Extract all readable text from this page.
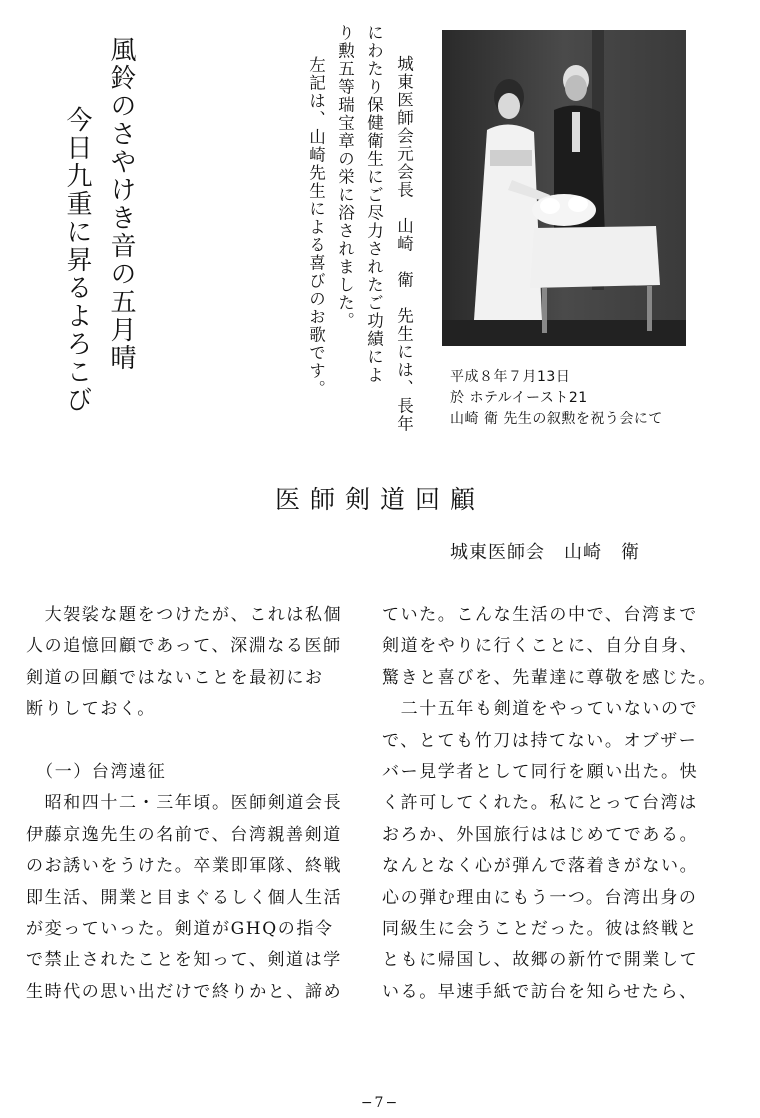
風鈴のさやけき音の五月晴
今日九重に昇るよろこび	城東医師会元会長　山崎　衛　先生には、長年
にわたり保健衛生にご尽力されたご功績によ
り勲五等瑞宝章の栄に浴されました。
左記は、山崎先生による喜びのお歌です。	平成８年７月13日
於 ホテルイースト21
山崎 衛 先生の叙勲を祝う会にて
医師剣道回顧
城東医師会　山崎　衛

　大袈裟な題をつけたが、これは私個

人の追憶回顧であって、深淵なる医師

剣道の回顧ではないことを最初にお

断りしておく。

　（一）台湾遠征

　昭和四十二・三年頃。医師剣道会長

伊藤京逸先生の名前で、台湾親善剣道

のお誘いをうけた。卒業即軍隊、終戦

即生活、開業と目まぐるしく個人生活

が変っていった。剣道がGHQの指令

で禁止されたことを知って、剣道は学

生時代の思い出だけで終りかと、諦め

ていた。こんな生活の中で、台湾まで

剣道をやりに行くことに、自分自身、

驚きと喜びを、先輩達に尊敬を感じた。

　二十五年も剣道をやっていないので

で、とても竹刀は持てない。オブザー

バー見学者として同行を願い出た。快

く許可してくれた。私にとって台湾は

おろか、外国旅行ははじめてである。

なんとなく心が弾んで落着きがない。

心の弾む理由にもう一つ。台湾出身の

同級生に会うことだった。彼は終戦と

ともに帰国し、故郷の新竹で開業して

いる。早速手紙で訪台を知らせたら、

−7−
